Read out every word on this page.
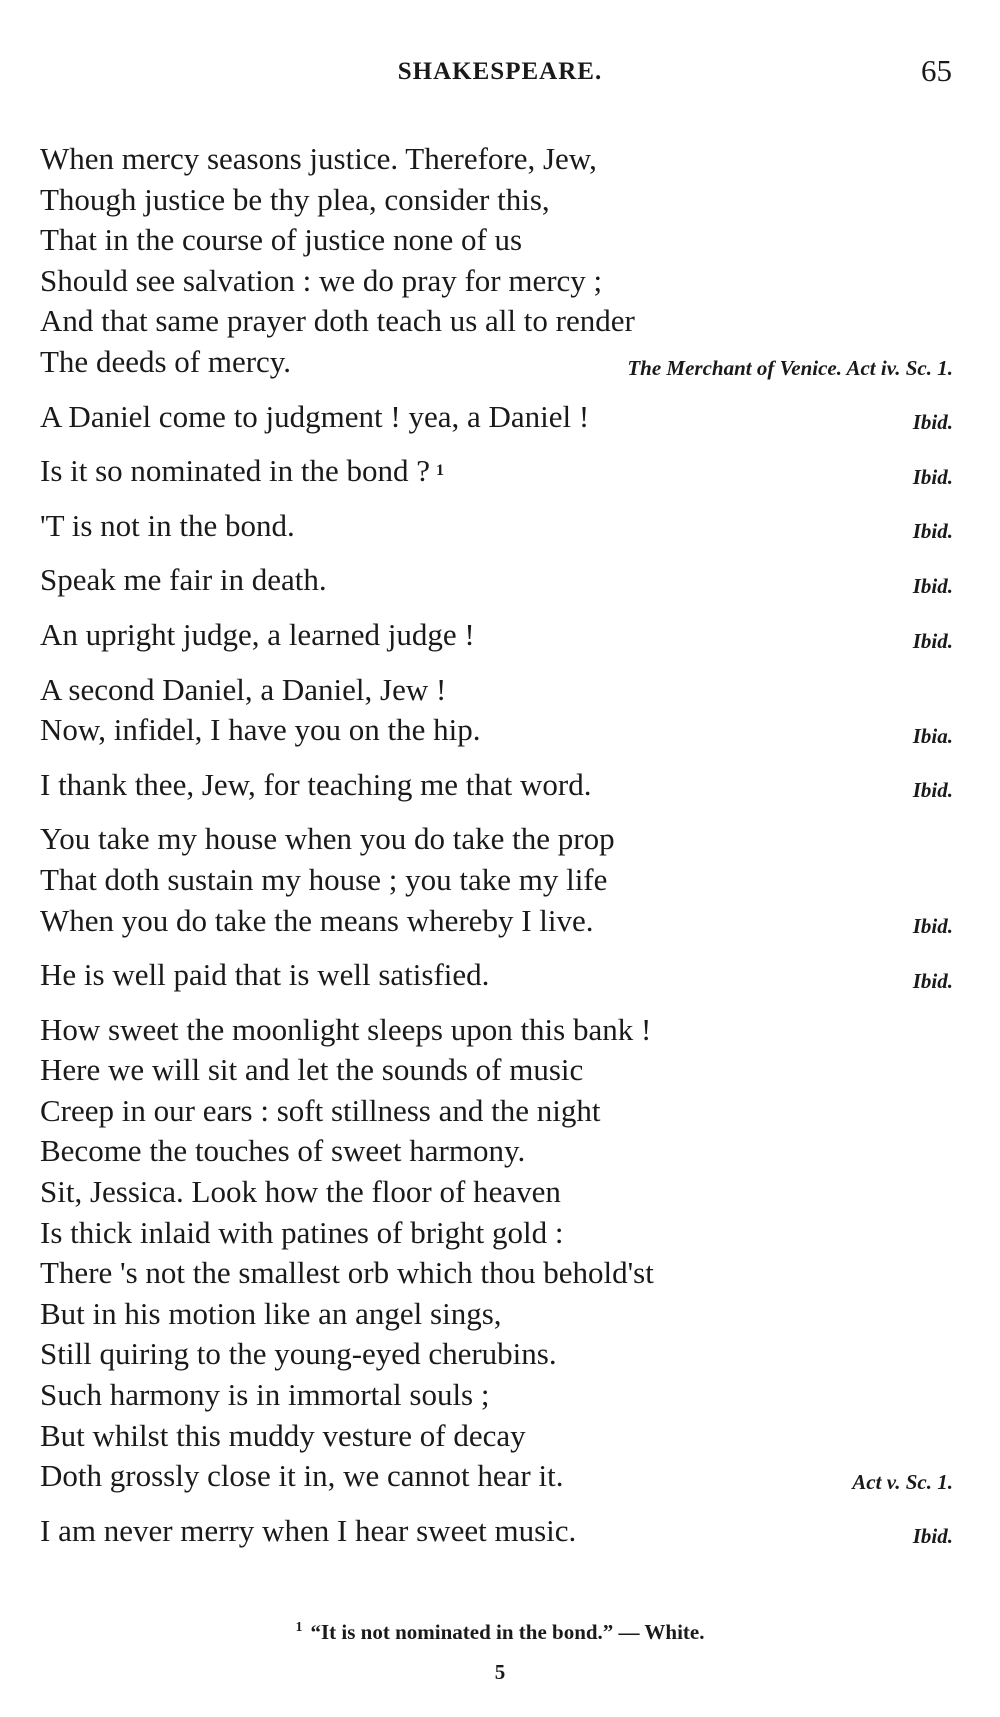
SHAKESPEARE.	65
When mercy seasons justice. Therefore, Jew,
Though justice be thy plea, consider this,
That in the course of justice none of us
Should see salvation : we do pray for mercy ;
And that same prayer doth teach us all to render
The deeds of mercy.	The Merchant of Venice. Act iv. Sc. 1.
A Daniel come to judgment ! yea, a Daniel !	Ibid.
Is it so nominated in the bond ? 1	Ibid.
'T is not in the bond.	Ibid.
Speak me fair in death.	Ibid.
An upright judge, a learned judge !	Ibid.
A second Daniel, a Daniel, Jew !
Now, infidel, I have you on the hip.	Ibia.
I thank thee, Jew, for teaching me that word.	Ibid.
You take my house when you do take the prop
That doth sustain my house ; you take my life
When you do take the means whereby I live.	Ibid.
He is well paid that is well satisfied.	Ibid.
How sweet the moonlight sleeps upon this bank !
Here we will sit and let the sounds of music
Creep in our ears : soft stillness and the night
Become the touches of sweet harmony.
Sit, Jessica. Look how the floor of heaven
Is thick inlaid with patines of bright gold :
There 's not the smallest orb which thou behold'st
But in his motion like an angel sings,
Still quiring to the young-eyed cherubins.
Such harmony is in immortal souls ;
But whilst this muddy vesture of decay
Doth grossly close it in, we cannot hear it.	Act v. Sc. 1.
I am never merry when I hear sweet music.	Ibid.
$^1$ “It is not nominated in the bond.” — White.
5
